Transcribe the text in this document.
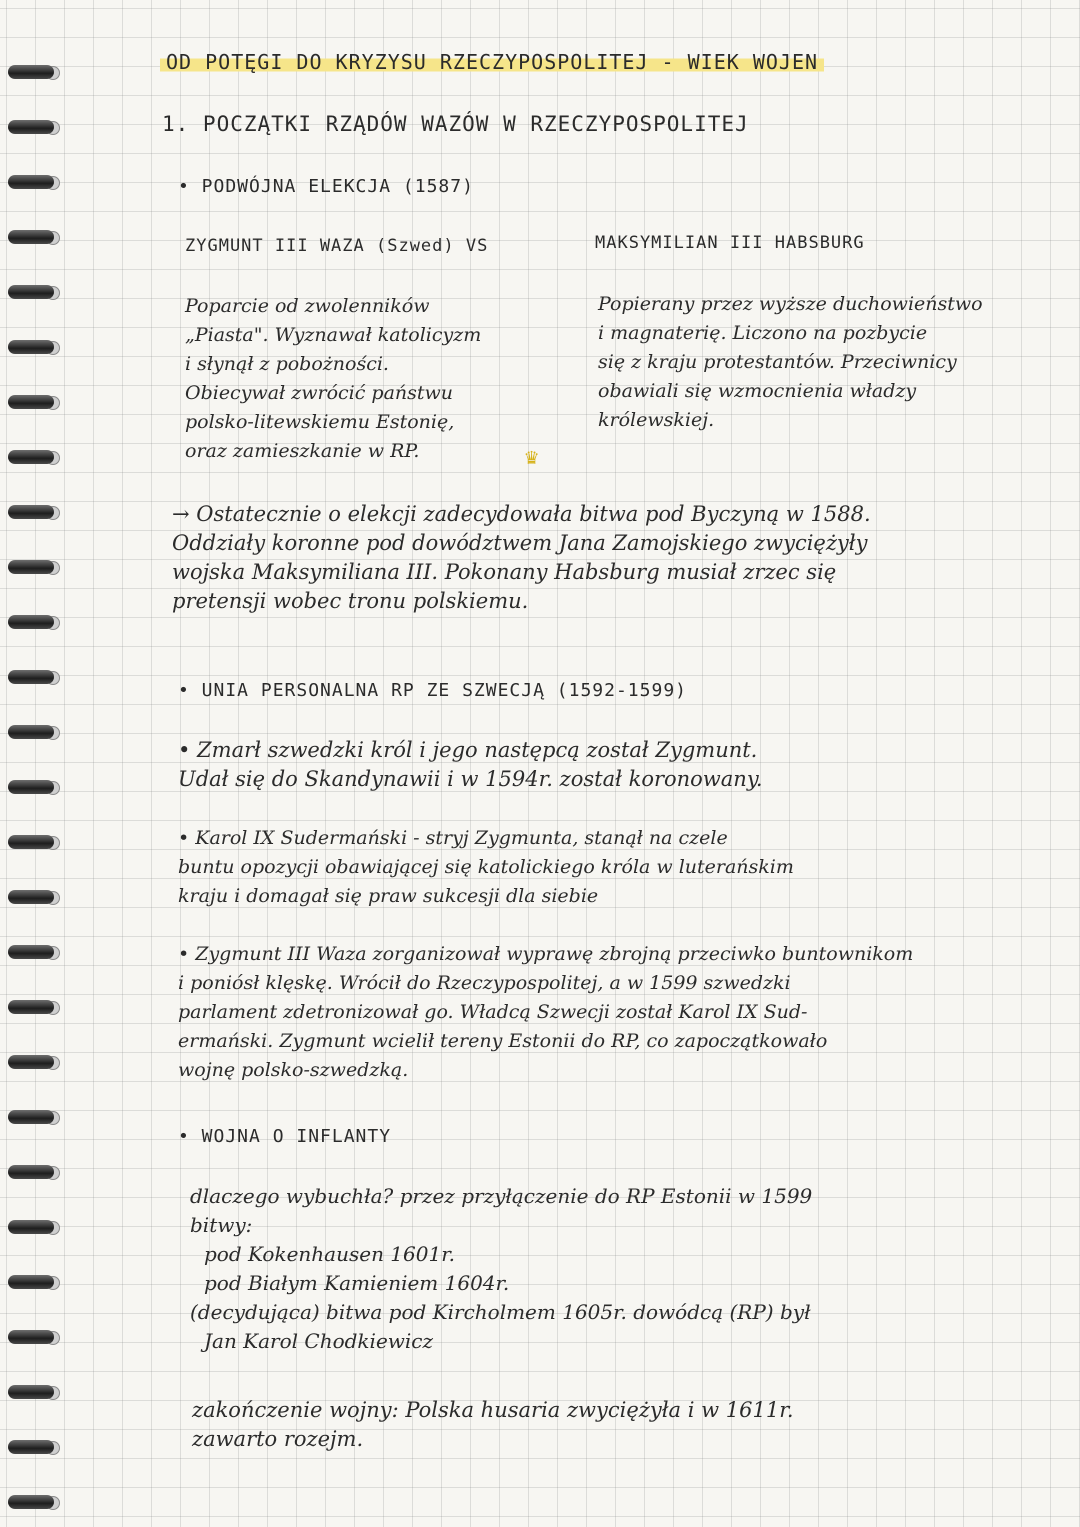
OD POTĘGI DO KRYZYSU RZECZYPOSPOLITEJ - WIEK WOJEN
1. POCZĄTKI RZĄDÓW WAZÓW W RZECZYPOSPOLITEJ
• PODWÓJNA ELEKCJA (1587)
ZYGMUNT III WAZA (Szwed) VS	MAKSYMILIAN III HABSBURG
Poparcie od zwolenników
„Piasta". Wyznawał katolicyzm
i słynął z pobożności.
Obiecywał zwrócić państwu
polsko-litewskiemu Estonię,
oraz zamieszkanie w RP.	♛
Popierany przez wyższe duchowieństwo
i magnaterię. Liczono na pozbycie
się z kraju protestantów. Przeciwnicy
obawiali się wzmocnienia władzy
królewskiej.
→ Ostatecznie o elekcji zadecydowała bitwa pod Byczyną w 1588.
Oddziały koronne pod dowództwem Jana Zamojskiego zwyciężyły
wojska Maksymiliana III. Pokonany Habsburg musiał zrzec się
pretensji wobec tronu polskiemu.
• UNIA PERSONALNA RP ZE SZWECJĄ (1592-1599)
• Zmarł szwedzki król i jego następcą został Zygmunt.
Udał się do Skandynawii i w 1594r. został koronowany.
• Karol IX Sudermański - stryj Zygmunta, stanął na czele
buntu opozycji obawiającej się katolickiego króla w luterańskim
kraju i domagał się praw sukcesji dla siebie
• Zygmunt III Waza zorganizował wyprawę zbrojną przeciwko buntownikom
i poniósł klęskę. Wrócił do Rzeczypospolitej, a w 1599 szwedzki
parlament zdetronizował go. Władcą Szwecji został Karol IX Sud-
ermański. Zygmunt wcielił tereny Estonii do RP, co zapoczątkowało
wojnę polsko-szwedzką.
• WOJNA O INFLANTY
dlaczego wybuchła? przez przyłączenie do RP Estonii w 1599
bitwy:
pod Kokenhausen 1601r.
pod Białym Kamieniem 1604r.
(decydująca) bitwa pod Kircholmem 1605r. dowódcą (RP) był
Jan Karol Chodkiewicz
zakończenie wojny: Polska husaria zwyciężyła i w 1611r.
zawarto rozejm.
